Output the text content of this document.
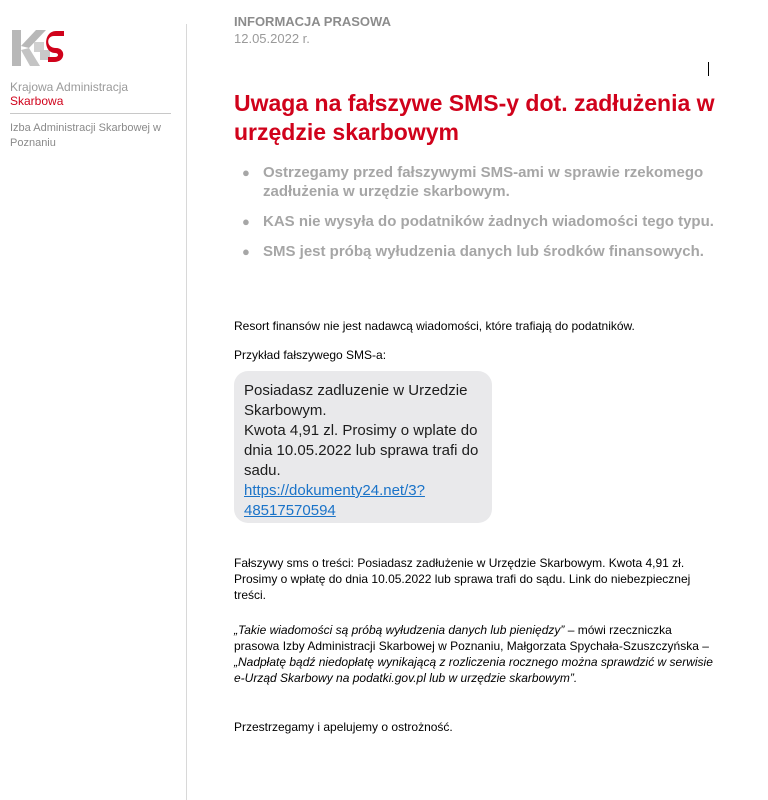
Krajowa Administracja
Skarbowa
Izba Administracji Skarbowej w Poznaniu
INFORMACJA PRASOWA
12.05.2022 r.
Uwaga na fałszywe SMS-y dot. zadłużenia w urzędzie skarbowym
● Ostrzegamy przed fałszywymi SMS-ami w sprawie rzekomego zadłużenia w urzędzie skarbowym.
● KAS nie wysyła do podatników żadnych wiadomości tego typu.
● SMS jest próbą wyłudzenia danych lub środków finansowych.
Resort finansów nie jest nadawcą wiadomości, które trafiają do podatników.
Przykład fałszywego SMS-a:
Posiadasz zadluzenie w Urzedzie Skarbowym.
Kwota 4,91 zl. Prosimy o wplate do dnia 10.05.2022 lub sprawa trafi do sadu.
https://dokumenty24.net/3?48517570594
Fałszywy sms o treści: Posiadasz zadłużenie w Urzędzie Skarbowym. Kwota 4,91 zł. Prosimy o wpłatę do dnia 10.05.2022 lub sprawa trafi do sądu. Link do niebezpiecznej treści.
„Takie wiadomości są próbą wyłudzenia danych lub pieniędzy” – mówi rzeczniczka prasowa Izby Administracji Skarbowej w Poznaniu, Małgorzata Spychała-Szuszczyńska – „Nadpłatę bądź niedopłatę wynikającą z rozliczenia rocznego można sprawdzić w serwisie e-Urząd Skarbowy na podatki.gov.pl lub w urzędzie skarbowym”.
Przestrzegamy i apelujemy o ostrożność.
